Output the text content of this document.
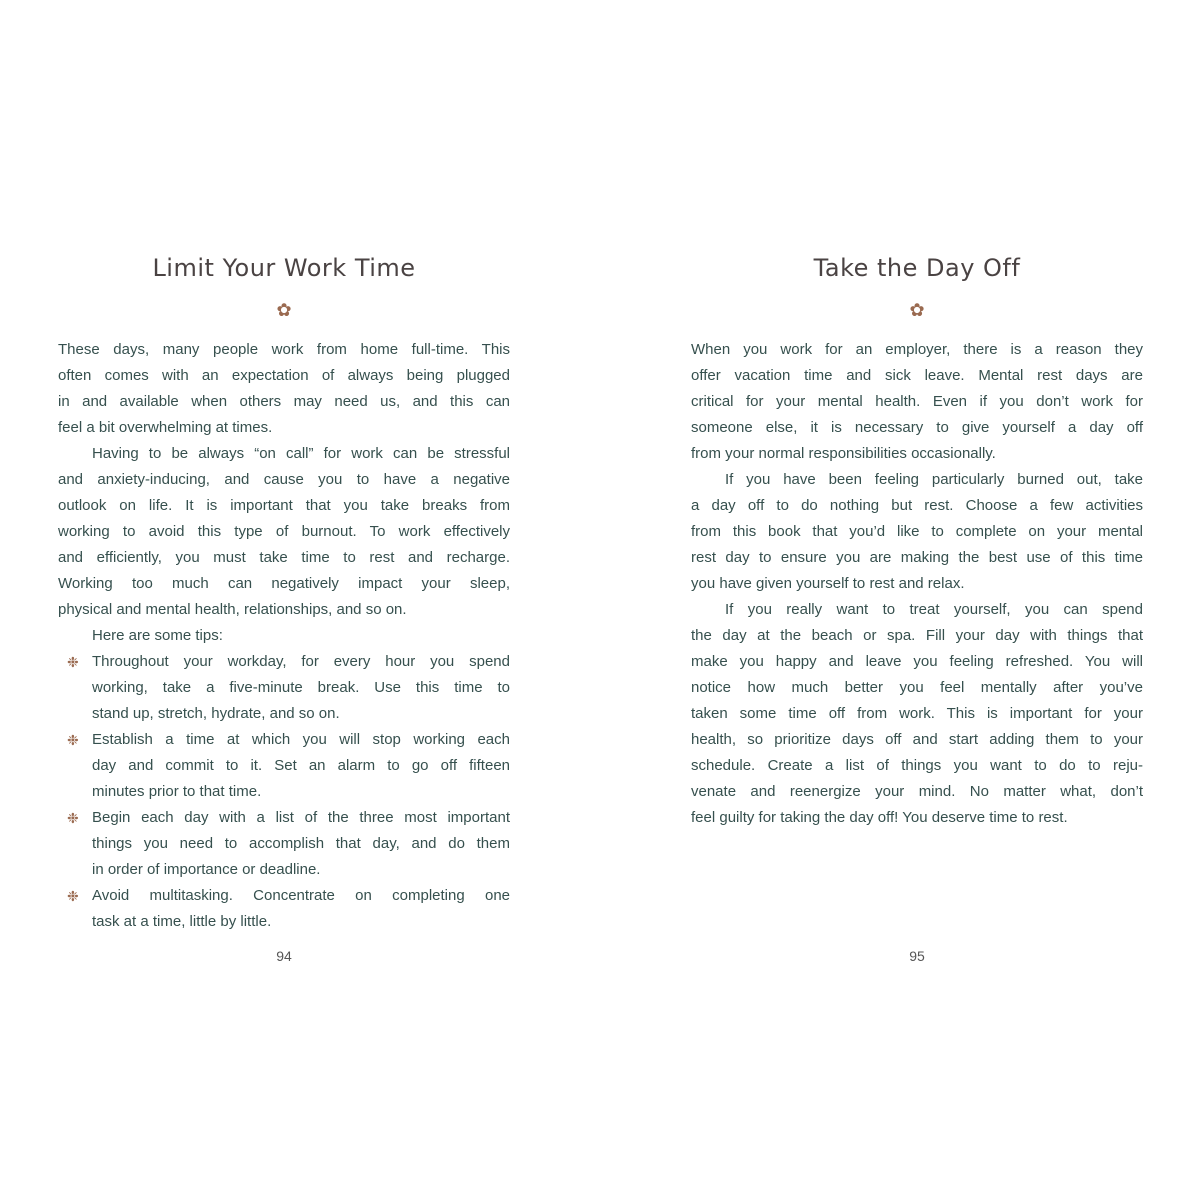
Limit Your Work Time
✿
These days, many people work from home full-time. This
often comes with an expectation of always being plugged
in and available when others may need us, and this can
feel a bit overwhelming at times.
Having to be always “on call” for work can be stressful
and anxiety-inducing, and cause you to have a negative
outlook on life. It is important that you take breaks from
working to avoid this type of burnout. To work effectively
and efficiently, you must take time to rest and recharge.
Working too much can negatively impact your sleep,
physical and mental health, relationships, and so on.
Here are some tips:
❉ Throughout your workday, for every hour you spend
working, take a five-minute break. Use this time to
stand up, stretch, hydrate, and so on.
❉ Establish a time at which you will stop working each
day and commit to it. Set an alarm to go off fifteen
minutes prior to that time.
❉ Begin each day with a list of the three most important
things you need to accomplish that day, and do them
in order of importance or deadline.
❉ Avoid multitasking. Concentrate on completing one
task at a time, little by little.
94
Take the Day Off
✿
When you work for an employer, there is a reason they
offer vacation time and sick leave. Mental rest days are
critical for your mental health. Even if you don’t work for
someone else, it is necessary to give yourself a day off
from your normal responsibilities occasionally.
If you have been feeling particularly burned out, take
a day off to do nothing but rest. Choose a few activities
from this book that you’d like to complete on your mental
rest day to ensure you are making the best use of this time
you have given yourself to rest and relax.
If you really want to treat yourself, you can spend
the day at the beach or spa. Fill your day with things that
make you happy and leave you feeling refreshed. You will
notice how much better you feel mentally after you’ve
taken some time off from work. This is important for your
health, so prioritize days off and start adding them to your
schedule. Create a list of things you want to do to reju-
venate and reenergize your mind. No matter what, don’t
feel guilty for taking the day off! You deserve time to rest.
95
